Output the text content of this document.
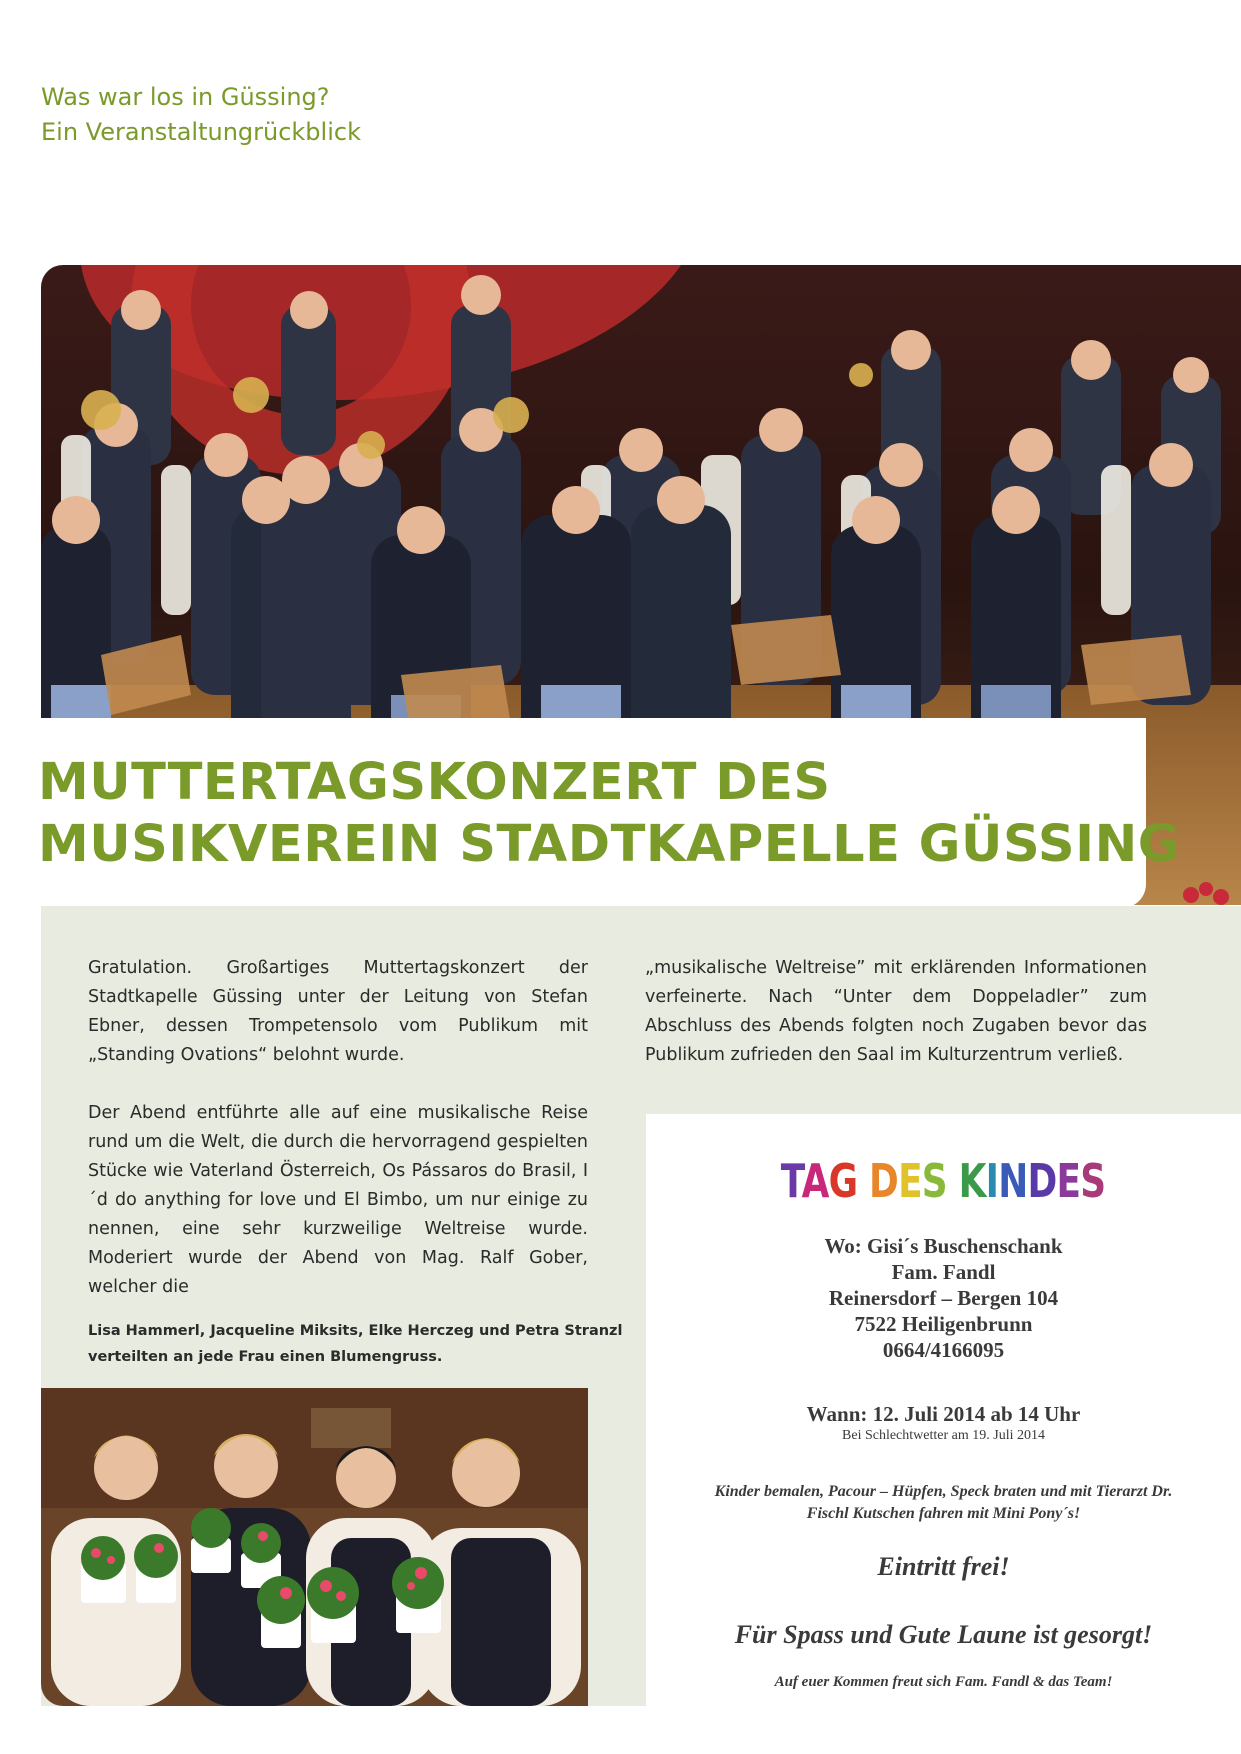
Was war los in Güssing?
Ein Veranstaltungrückblick
MUTTERTAGSKONZERT DES
MUSIKVEREIN STADTKAPELLE GÜSSING

Gratulation. Großartiges Muttertagskonzert der Stadtkapelle Güssing unter der Leitung von Stefan Ebner, dessen Trompetensolo vom Publikum mit „Standing Ovations“ belohnt wurde.

Der Abend entführte alle auf eine musikalische Reise rund um die Welt, die durch die hervorragend gespielten Stücke wie Vaterland Österreich, Os Pássaros do Brasil, I´d do anything for love und El Bimbo, um nur einige zu nennen, eine sehr kurzweilige Weltreise wurde. Moderiert wurde der Abend von Mag. Ralf Gober, welcher die

„musikalische Weltreise” mit erklärenden Informationen verfeinerte. Nach “Unter dem Doppeladler” zum Abschluss des Abends folgten noch Zugaben bevor das Publikum zufrieden den Saal im Kulturzentrum verließ.

Lisa Hammerl, Jacqueline Miksits, Elke Herczeg und Petra Stranzl
verteilten an jede Frau einen Blumengruss.
TAG DES KINDES
Wo: Gisi´s Buschenschank
Fam. Fandl
Reinersdorf – Bergen 104
7522 Heiligenbrunn
0664/4166095
Wann: 12. Juli 2014 ab 14 Uhr
Bei Schlechtwetter am 19. Juli 2014
Kinder bemalen, Pacour – Hüpfen, Speck braten und mit Tierarzt Dr.
Fischl Kutschen fahren mit Mini Pony´s!
Eintritt frei!
Für Spass und Gute Laune ist gesorgt!
Auf euer Kommen freut sich Fam. Fandl & das Team!
